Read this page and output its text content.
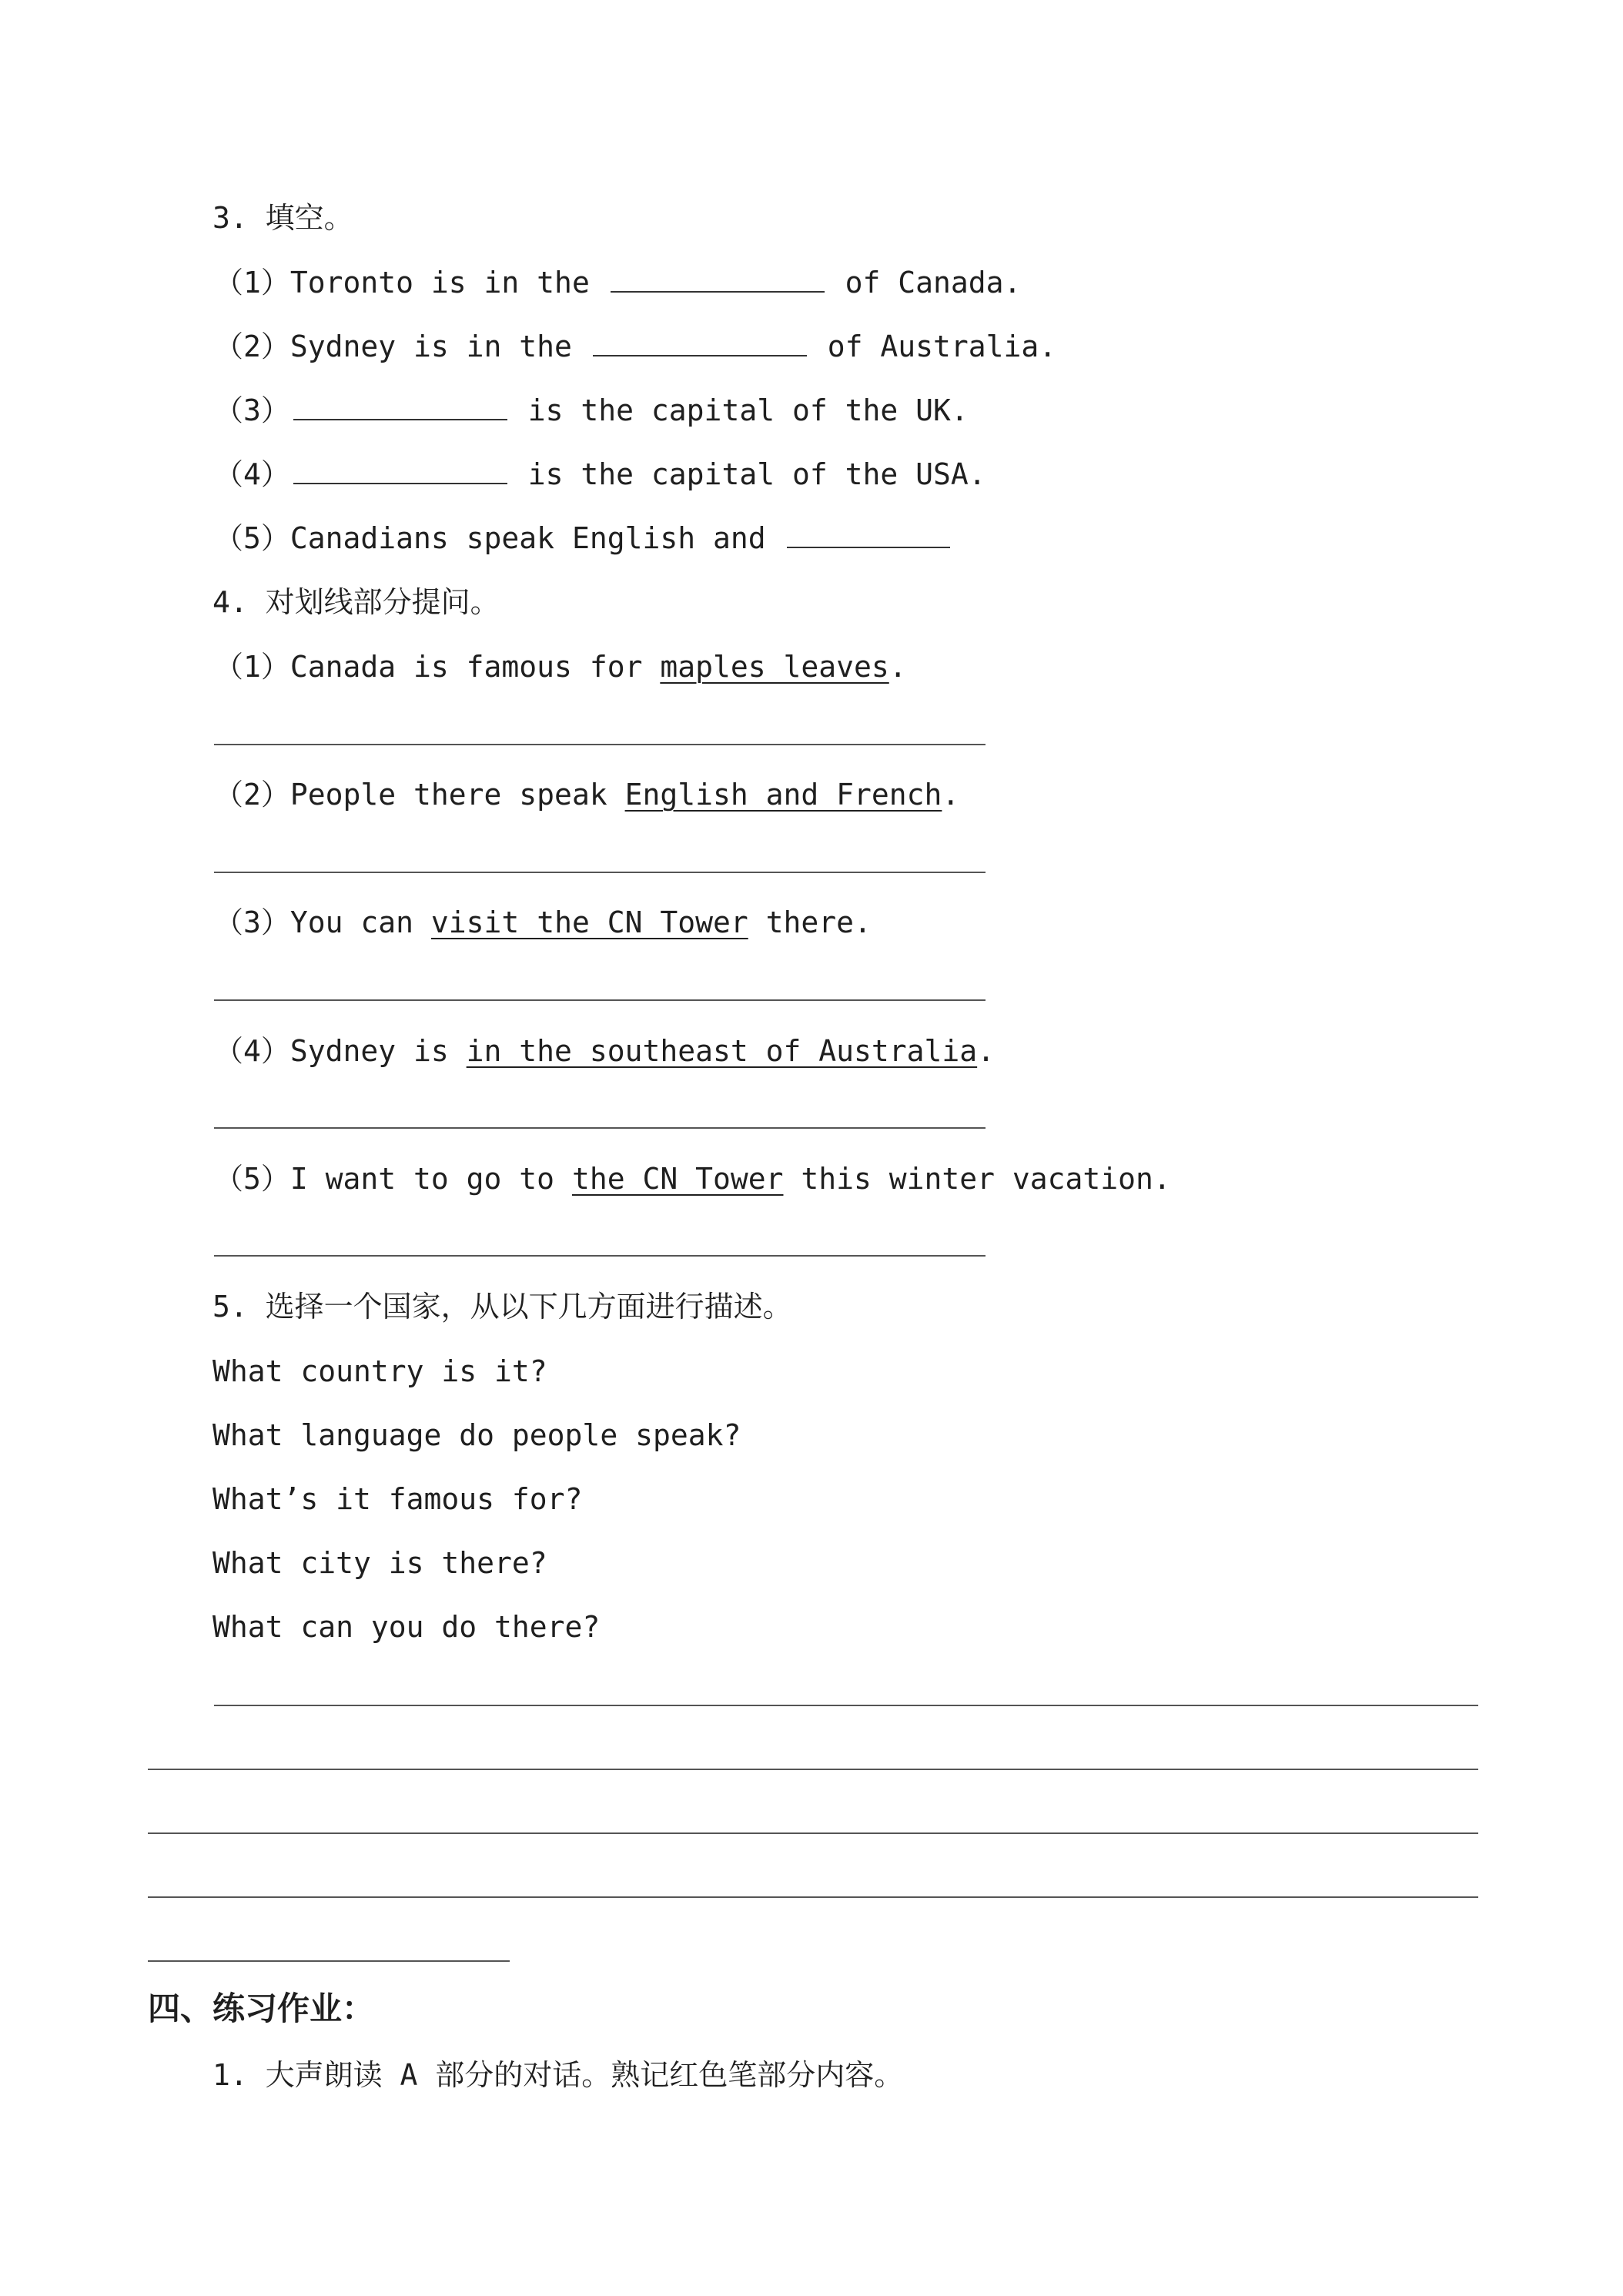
3. 填空。
（1）Toronto is in the	of Canada.
（2）Sydney is in the	of Australia.
（3）	is the capital of the UK.
（4）	is the capital of the USA.
（5）Canadians speak English and
4. 对划线部分提问。
（1）Canada is famous for maples leaves.
（2）People there speak English and French.
（3）You can visit the CN Tower there.
（4）Sydney is in the southeast of Australia.
（5）I want to go to the CN Tower this winter vacation.
5. 选择一个国家，从以下几方面进行描述。
What country is it?
What language do people speak?
What’s it famous for?
What city is there?
What can you do there?
四、练习作业：
1. 大声朗读 A 部分的对话。熟记红色笔部分内容。
